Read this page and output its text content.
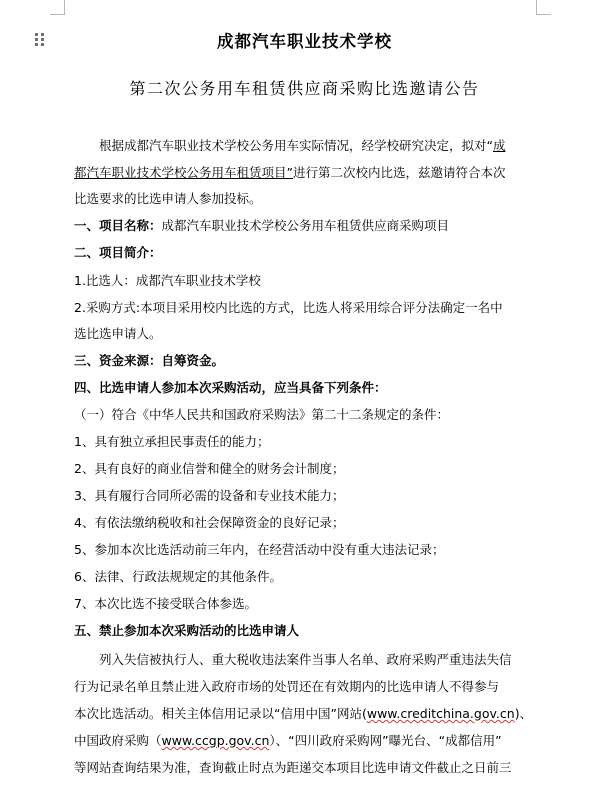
成都汽车职业技术学校
第二次公务用车租赁供应商采购比选邀请公告
根据成都汽车职业技术学校公务用车实际情况，经学校研究决定，拟对“成
都汽车职业技术学校公务用车租赁项目”进行第二次校内比选，兹邀请符合本次
比选要求的比选申请人参加投标。
一、项目名称：成都汽车职业技术学校公务用车租赁供应商采购项目
二、项目简介：
1.比选人：成都汽车职业技术学校
2.采购方式:本项目采用校内比选的方式，比选人将采用综合评分法确定一名中
选比选申请人。
三、资金来源：自筹资金。
四、比选申请人参加本次采购活动，应当具备下列条件：
（一）符合《中华人民共和国政府采购法》第二十二条规定的条件：
1、具有独立承担民事责任的能力；
2、具有良好的商业信誉和健全的财务会计制度；
3、具有履行合同所必需的设备和专业技术能力；
4、有依法缴纳税收和社会保障资金的良好记录；
5、参加本次比选活动前三年内，在经营活动中没有重大违法记录；
6、法律、行政法规规定的其他条件。
7、本次比选不接受联合体参选。
五、禁止参加本次采购活动的比选申请人
列入失信被执行人、重大税收违法案件当事人名单、政府采购严重违法失信
行为记录名单且禁止进入政府市场的处罚还在有效期内的比选申请人不得参与
本次比选活动。相关主体信用记录以“信用中国”网站(www.creditchina.gov.cn)、
中国政府采购（www.ccgp.gov.cn）、“四川政府采购网”曝光台、“成都信用”
等网站查询结果为准，查询截止时点为距递交本项目比选申请文件截止之日前三
